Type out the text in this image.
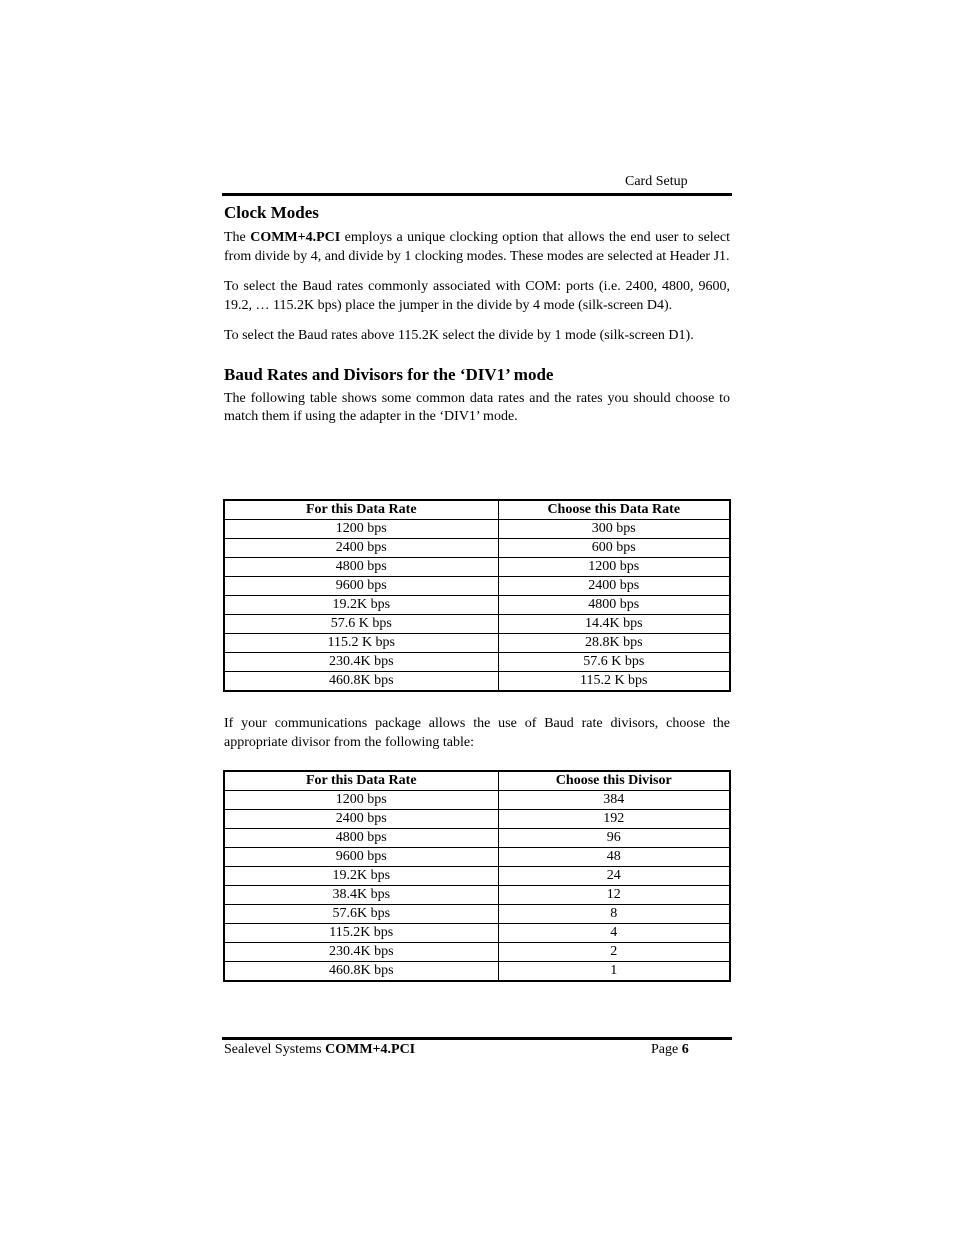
Card Setup
Clock Modes

The COMM+4.PCI employs a unique clocking option that allows the end user to select from divide by 4, and divide by 1 clocking modes. These modes are selected at Header J1.

To select the Baud rates commonly associated with COM: ports (i.e. 2400, 4800, 9600, 19.2, … 115.2K bps) place the jumper in the divide by 4 mode (silk-screen D4).

To select the Baud rates above 115.2K select the divide by 1 mode (silk-screen D1).

Baud Rates and Divisors for the ‘DIV1’ mode

The following table shows some common data rates and the rates you should choose to match them if using the adapter in the ‘DIV1’ mode.

For this Data Rate	Choose this Data Rate
1200 bps	300 bps
2400 bps	600 bps
4800 bps	1200 bps
9600 bps	2400 bps
19.2K bps	4800 bps
57.6 K bps	14.4K bps
115.2 K bps	28.8K bps
230.4K bps	57.6 K bps
460.8K bps	115.2 K bps

If your communications package allows the use of Baud rate divisors, choose the appropriate divisor from the following table:

For this Data Rate	Choose this Divisor
1200 bps	384
2400 bps	192
4800 bps	96
9600 bps	48
19.2K bps	24
38.4K bps	12
57.6K bps	8
115.2K bps	4
230.4K bps	2
460.8K bps	1
Sealevel Systems COMM+4.PCI	Page 6
